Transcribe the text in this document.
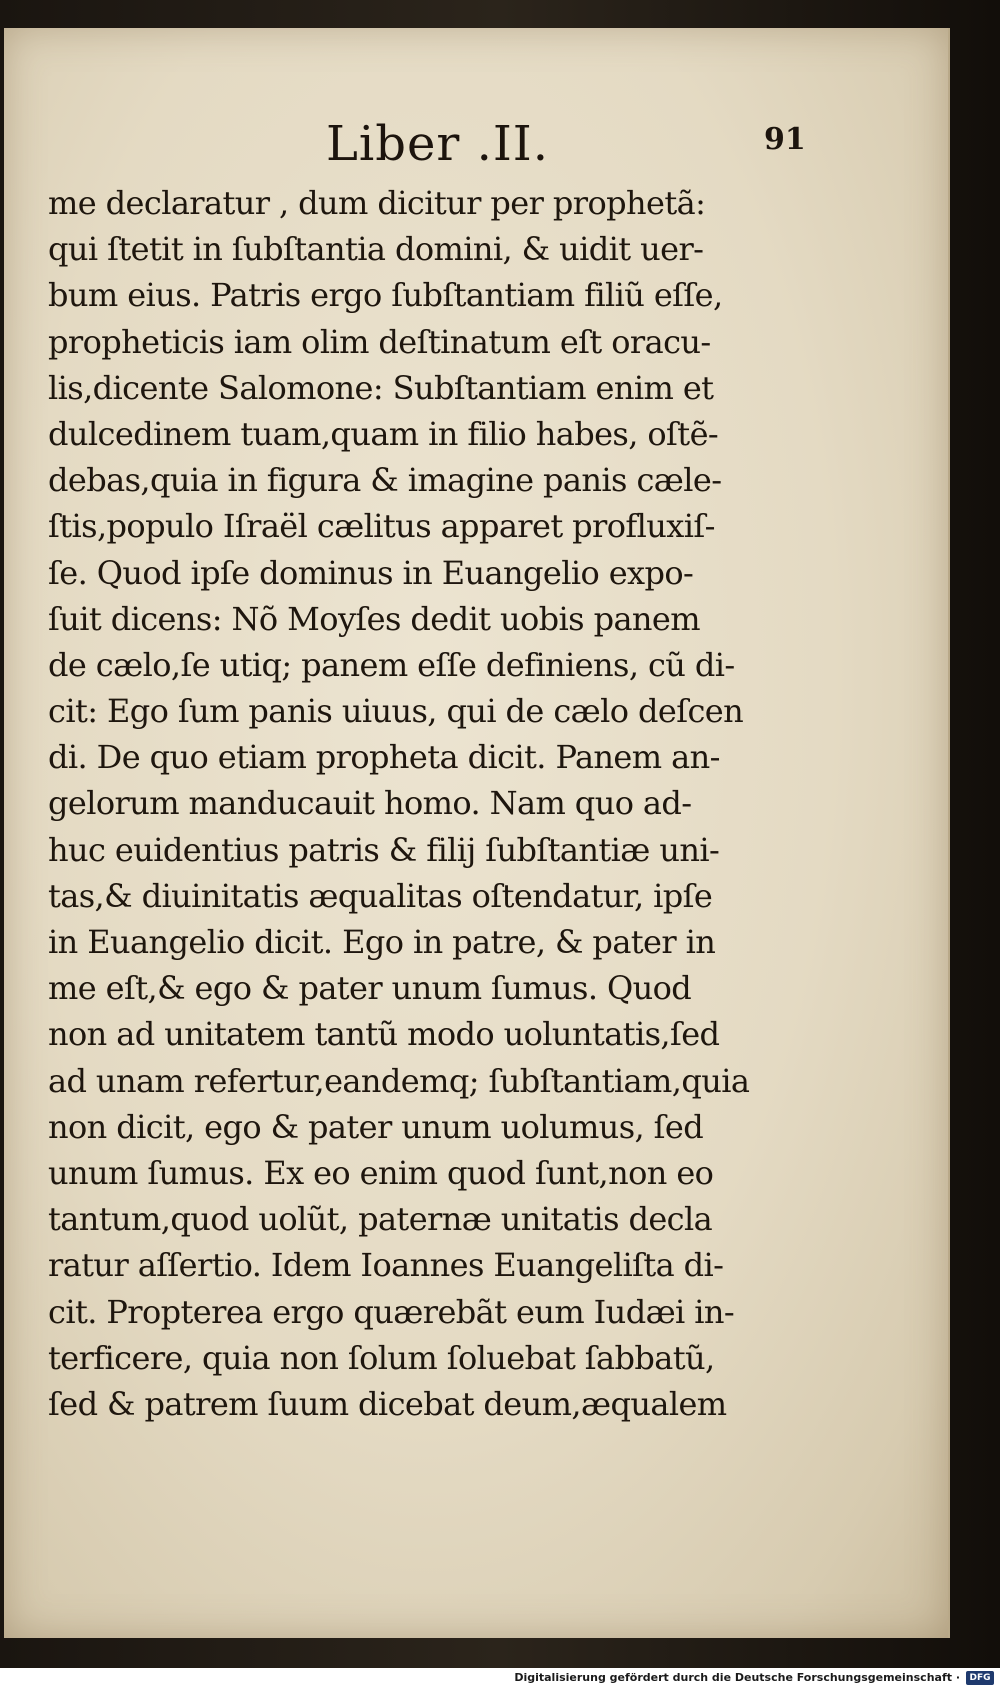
Liber .II.	91
me declaratur , dum dicitur per prophetã:
qui ſtetit in ſubſtantia domini, & uidit uer-
bum eius. Patris ergo ſubſtantiam filiũ eſſe,
propheticis iam olim deſtinatum eſt oracu-
lis,dicente Salomone: Subſtantiam enim et
dulcedinem tuam,quam in filio habes, oſtẽ-
debas,quia in figura & imagine panis cæle-
ſtis,populo Iſraël cælitus apparet profluxiſ-
ſe. Quod ipſe dominus in Euangelio expo-
ſuit dicens: Nõ Moyſes dedit uobis panem
de cælo,ſe utiq; panem eſſe definiens, cũ di-
cit: Ego ſum panis uiuus, qui de cælo deſcen
di. De quo etiam propheta dicit. Panem an-
gelorum manducauit homo. Nam quo ad-
huc euidentius patris & filij ſubſtantiæ uni-
tas,& diuinitatis æqualitas oſtendatur, ipſe
in Euangelio dicit. Ego in patre, & pater in
me eſt,& ego & pater unum ſumus. Quod
non ad unitatem tantũ modo uoluntatis,ſed
ad unam refertur,eandemq; ſubſtantiam,quia
non dicit, ego & pater unum uolumus, ſed
unum ſumus. Ex eo enim quod ſunt,non eo
tantum,quod uolũt, paternæ unitatis decla
ratur aſſertio. Idem Ioannes Euangeliſta di-
cit. Propterea ergo quærebãt eum Iudæi in-
terficere, quia non ſolum ſoluebat ſabbatũ,
ſed & patrem ſuum dicebat deum,æqualem
Digitalisierung gefördert durch die Deutsche Forschungsgemeinschaft ·	DFG
